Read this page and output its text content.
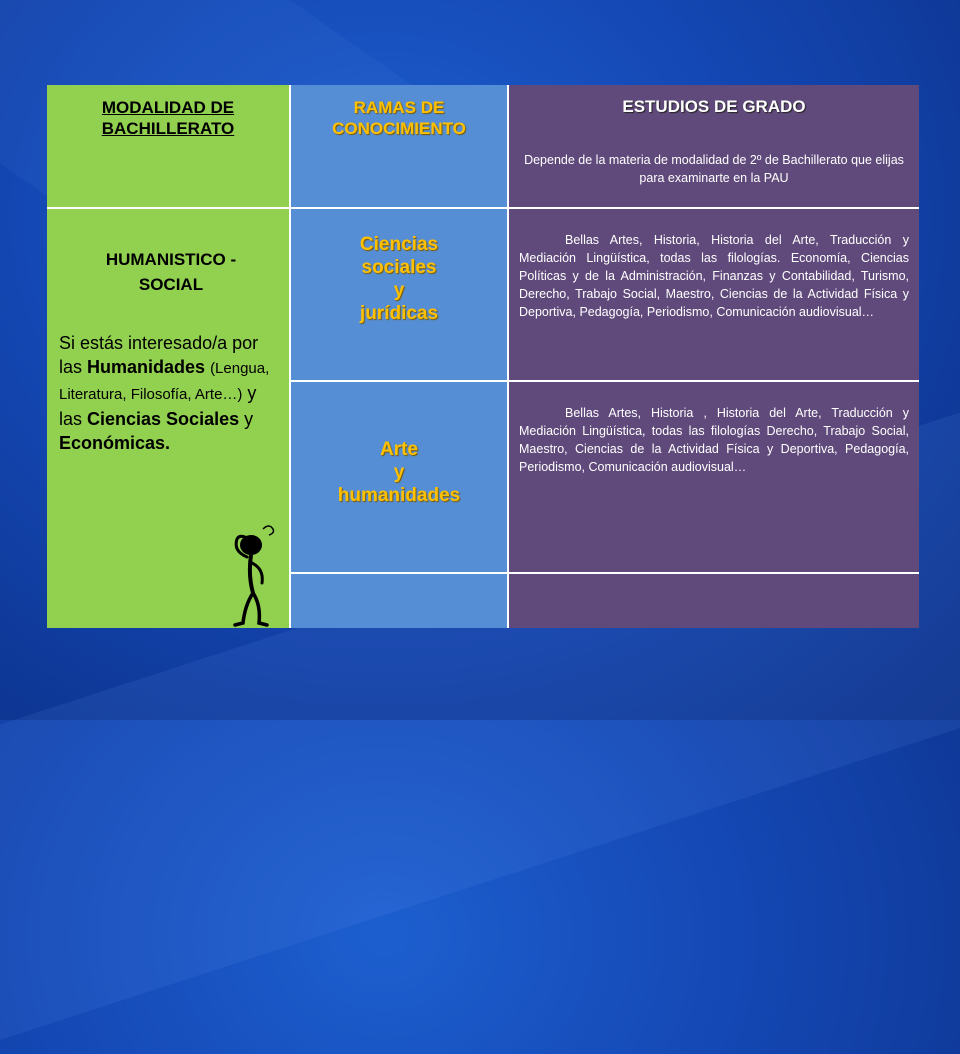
MODALIDAD DE
BACHILLERATO
RAMAS DE
CONOCIMIENTO
ESTUDIOS DE GRADO
Depende de la materia de modalidad de 2º de Bachillerato que elijas para examinarte en la PAU
HUMANISTICO -
SOCIAL
Si estás interesado/a por las Humanidades (Lengua, Literatura, Filosofía, Arte…) y las Ciencias Sociales y Económicas.
Ciencias
sociales
y
jurídicas
Arte
y
humanidades
Bellas Artes, Historia, Historia del Arte, Traducción y Mediación Lingüística, todas las filologías. Economía, Ciencias Políticas y de la Administración, Finanzas y Contabilidad, Turismo, Derecho, Trabajo Social, Maestro, Ciencias de la Actividad Física y Deportiva, Pedagogía, Periodismo, Comunicación audiovisual…
Bellas Artes, Historia , Historia del Arte, Traducción y Mediación Lingüística, todas las filologías Derecho, Trabajo Social, Maestro, Ciencias de la Actividad Física y Deportiva, Pedagogía, Periodismo, Comunicación audiovisual…
